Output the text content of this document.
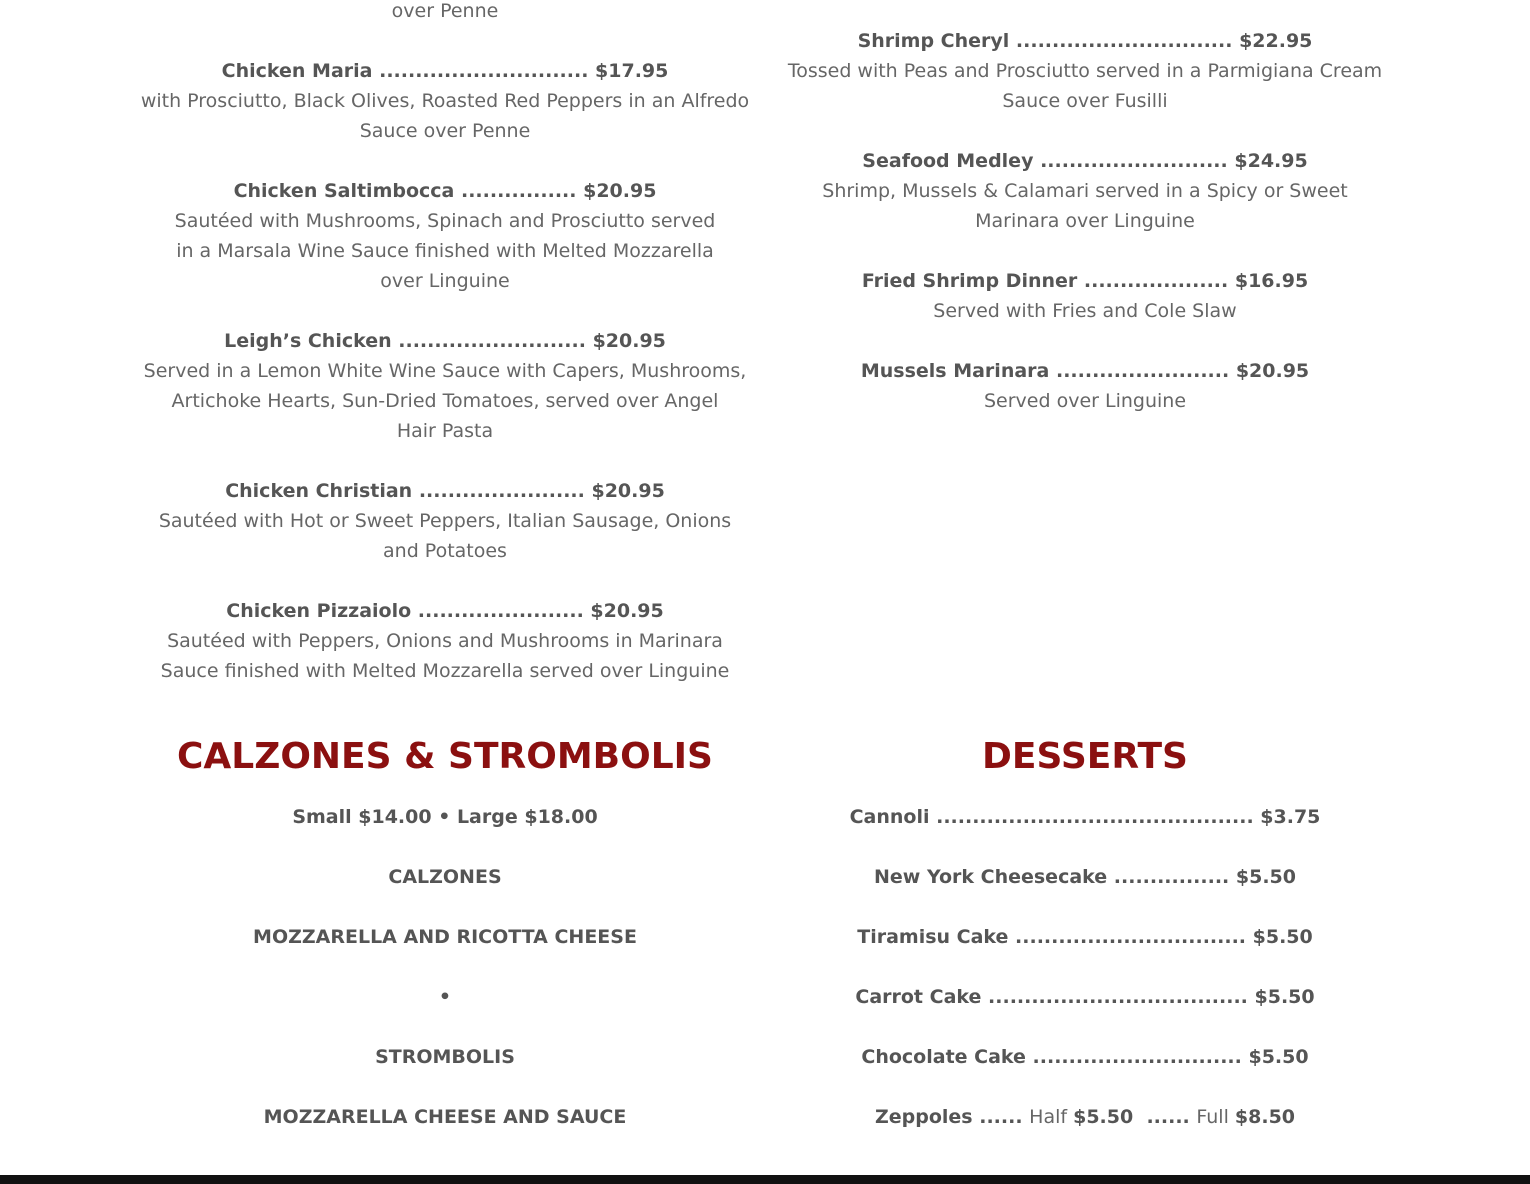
over Penne

Chicken Maria ............................. $17.95

with Prosciutto, Black Olives, Roasted Red Peppers in an Alfredo

Sauce over Penne

Chicken Saltimbocca ................ $20.95

Sautéed with Mushrooms, Spinach and Prosciutto served

in a Marsala Wine Sauce finished with Melted Mozzarella

over Linguine

Leigh’s Chicken .......................... $20.95

Served in a Lemon White Wine Sauce with Capers, Mushrooms,

Artichoke Hearts, Sun-Dried Tomatoes, served over Angel

Hair Pasta

Chicken Christian ....................... $20.95

Sautéed with Hot or Sweet Peppers, Italian Sausage, Onions

and Potatoes

Chicken Pizzaiolo ....................... $20.95

Sautéed with Peppers, Onions and Mushrooms in Marinara

Sauce finished with Melted Mozzarella served over Linguine

Shrimp Cheryl .............................. $22.95

Tossed with Peas and Prosciutto served in a Parmigiana Cream

Sauce over Fusilli

Seafood Medley .......................... $24.95

Shrimp, Mussels & Calamari served in a Spicy or Sweet

Marinara over Linguine

Fried Shrimp Dinner .................... $16.95

Served with Fries and Cole Slaw

Mussels Marinara ........................ $20.95

Served over Linguine

CALZONES & STROMBOLIS	DESSERTS

Small $14.00 • Large $18.00

CALZONES

MOZZARELLA AND RICOTTA CHEESE

•

STROMBOLIS

MOZZARELLA CHEESE AND SAUCE

Cannoli ............................................ $3.75

New York Cheesecake ................ $5.50

Tiramisu Cake ................................ $5.50

Carrot Cake .................................... $5.50

Chocolate Cake ............................. $5.50

Zeppoles ...... Half $5.50  ...... Full $8.50
